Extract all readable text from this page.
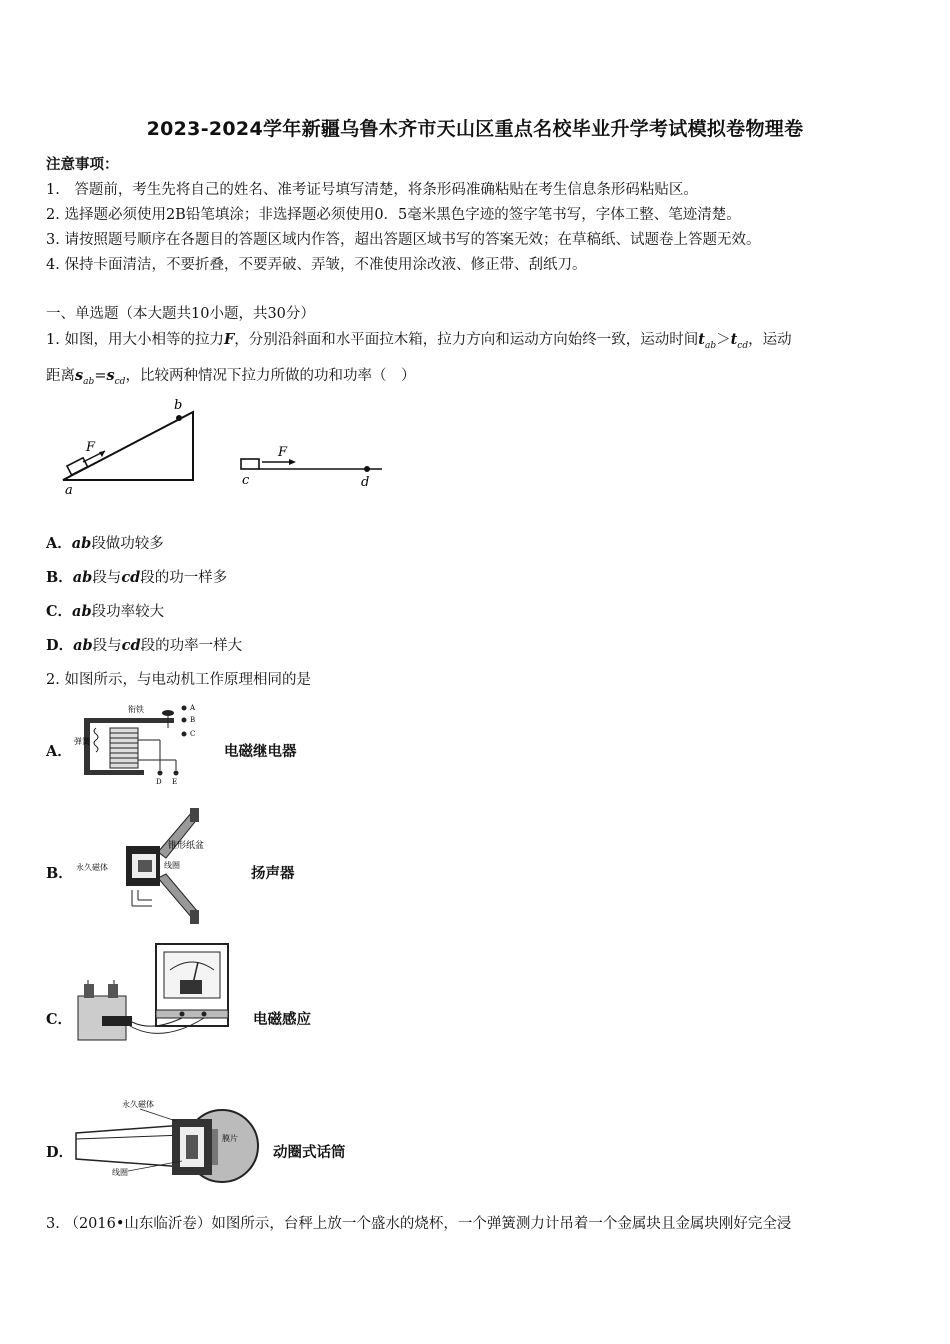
2023-2024学年新疆乌鲁木齐市天山区重点名校毕业升学考试模拟卷物理卷
注意事项：
1.　答题前，考生先将自己的姓名、准考证号填写清楚，将条形码准确粘贴在考生信息条形码粘贴区。
2. 选择题必须使用2B铅笔填涂；非选择题必须使用0．5毫米黑色字迹的签字笔书写，字体工整、笔迹清楚。
3. 请按照题号顺序在各题目的答题区域内作答，超出答题区域书写的答案无效；在草稿纸、试题卷上答题无效。
4. 保持卡面清洁，不要折叠，不要弄破、弄皱，不准使用涂改液、修正带、刮纸刀。
一、单选题（本大题共10小题，共30分）
1. 如图，用大小相等的拉力F，分别沿斜面和水平面拉木箱，拉力方向和运动方向始终一致，运动时间$t_{ab}>t_{cd}$，运动
距离$s_{ab}=s_{cd}$，比较两种情况下拉力所做的功和功率（　）
F
b
a
F
c	d
A．ab段做功较多
B．ab段与cd段的功一样多
C．ab段功率较大
D．ab段与cd段的功率一样大
2. 如图所示，与电动机工作原理相同的是
A．
衔铁
弹簧
A
B
C
D E
电磁继电器
B．
锥形纸盆
永久磁体	线圈	扬声器
C．	电磁感应
D．
永久磁体
膜片
线圈
动圈式话筒
3. （2016•山东临沂卷）如图所示，台秤上放一个盛水的烧杯，一个弹簧测力计吊着一个金属块且金属块刚好完全浸
